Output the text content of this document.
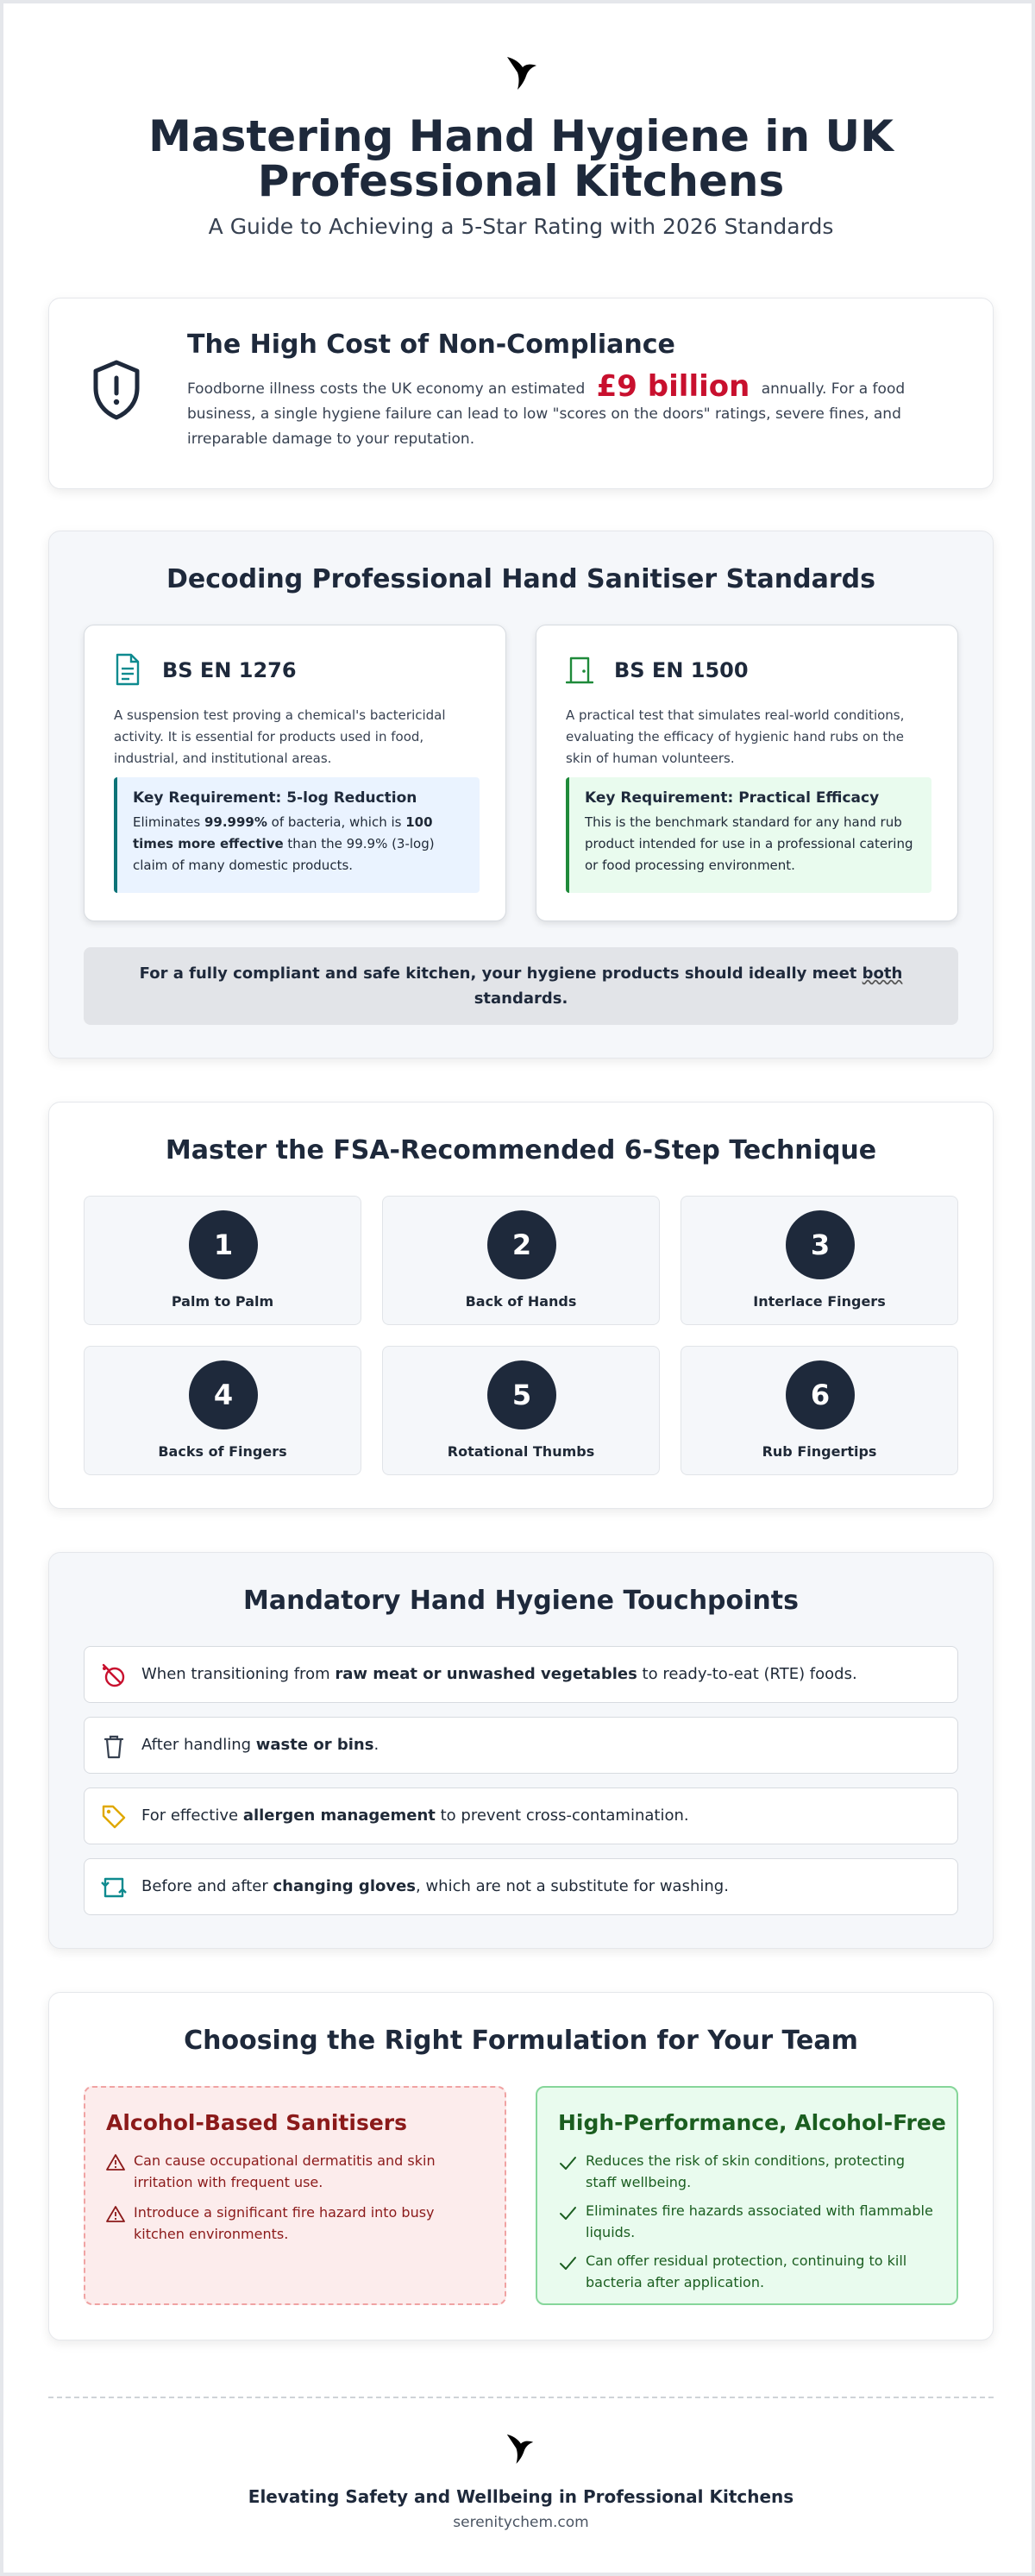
Mastering Hand Hygiene in UK
Professional Kitchens
A Guide to Achieving a 5-Star Rating with 2026 Standards
The High Cost of Non-Compliance
Foodborne illness costs the UK economy an estimated £9 billion annually. For a food business, a single hygiene failure can lead to low "scores on the doors" ratings, severe fines, and irreparable damage to your reputation.
Decoding Professional Hand Sanitiser Standards
BS EN 1276
A suspension test proving a chemical's bactericidal activity. It is essential for products used in food, industrial, and institutional areas.
Key Requirement: 5-log Reduction
Eliminates 99.999% of bacteria, which is 100 times more effective than the 99.9% (3-log) claim of many domestic products.
BS EN 1500
A practical test that simulates real-world conditions, evaluating the efficacy of hygienic hand rubs on the skin of human volunteers.
Key Requirement: Practical Efficacy
This is the benchmark standard for any hand rub product intended for use in a professional catering or food processing environment.
For a fully compliant and safe kitchen, your hygiene products should ideally meet both standards.
Master the FSA-Recommended 6-Step Technique
1
Palm to Palm
2
Back of Hands
3
Interlace Fingers
4
Backs of Fingers
5
Rotational Thumbs
6
Rub Fingertips
Mandatory Hand Hygiene Touchpoints
When transitioning from raw meat or unwashed vegetables to ready-to-eat (RTE) foods.
After handling waste or bins.
For effective allergen management to prevent cross-contamination.
Before and after changing gloves, which are not a substitute for washing.
Choosing the Right Formulation for Your Team
Alcohol-Based Sanitisers
Can cause occupational dermatitis and skin irritation with frequent use.
Introduce a significant fire hazard into busy kitchen environments.
High-Performance, Alcohol-Free
Reduces the risk of skin conditions, protecting staff wellbeing.
Eliminates fire hazards associated with flammable liquids.
Can offer residual protection, continuing to kill bacteria after application.
Elevating Safety and Wellbeing in Professional Kitchens
serenitychem.com
